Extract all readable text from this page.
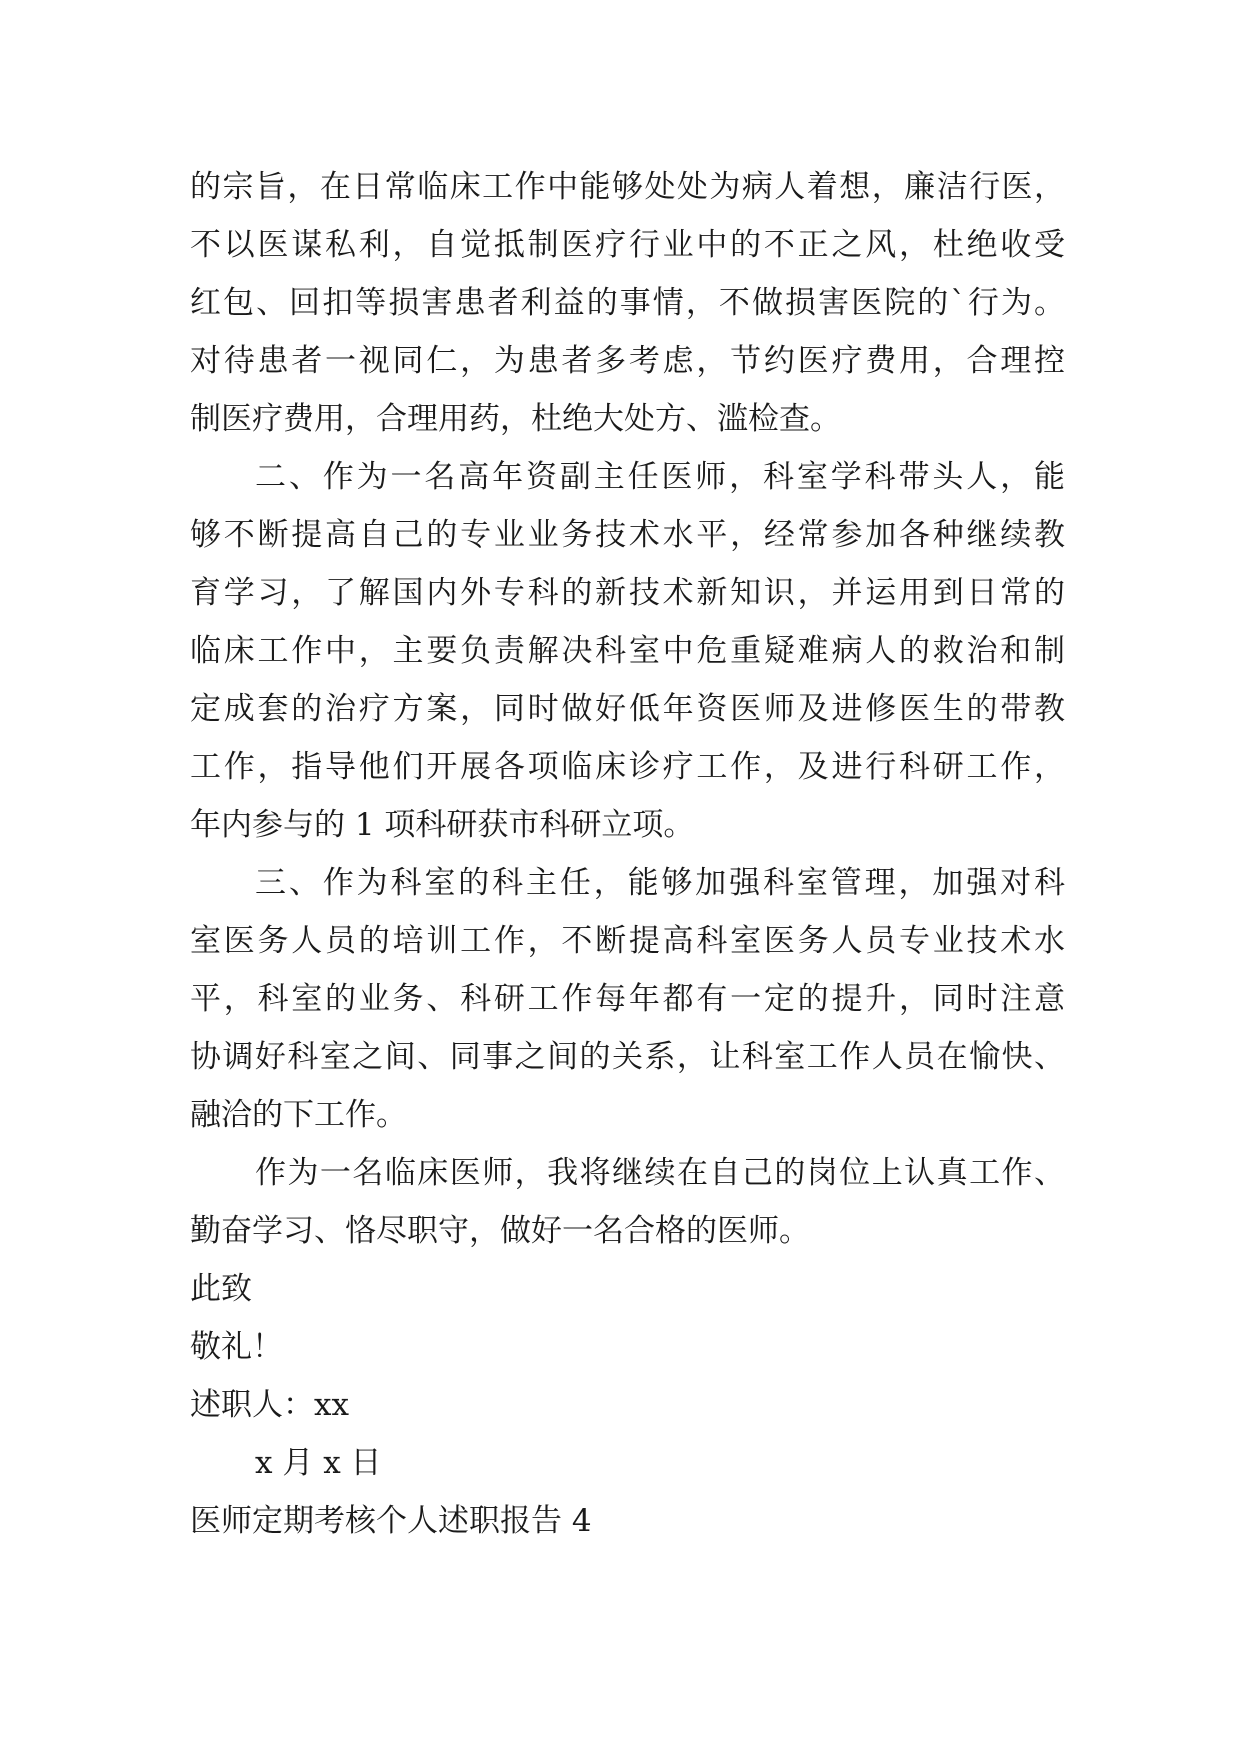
的宗旨，在日常临床工作中能够处处为病人着想，廉洁行医，
不以医谋私利，自觉抵制医疗行业中的不正之风，杜绝收受
红包、回扣等损害患者利益的事情，不做损害医院的`行为。
对待患者一视同仁，为患者多考虑，节约医疗费用，合理控
制医疗费用，合理用药，杜绝大处方、滥检查。
二、作为一名高年资副主任医师，科室学科带头人，能
够不断提高自己的专业业务技术水平，经常参加各种继续教
育学习，了解国内外专科的新技术新知识，并运用到日常的
临床工作中，主要负责解决科室中危重疑难病人的救治和制
定成套的治疗方案，同时做好低年资医师及进修医生的带教
工作，指导他们开展各项临床诊疗工作，及进行科研工作，
年内参与的 1 项科研获市科研立项。
三、作为科室的科主任，能够加强科室管理，加强对科
室医务人员的培训工作，不断提高科室医务人员专业技术水
平，科室的业务、科研工作每年都有一定的提升，同时注意
协调好科室之间、同事之间的关系，让科室工作人员在愉快、
融洽的下工作。
作为一名临床医师，我将继续在自己的岗位上认真工作、
勤奋学习、恪尽职守，做好一名合格的医师。
此致
敬礼！
述职人：xx
x 月 x 日
医师定期考核个人述职报告 4
